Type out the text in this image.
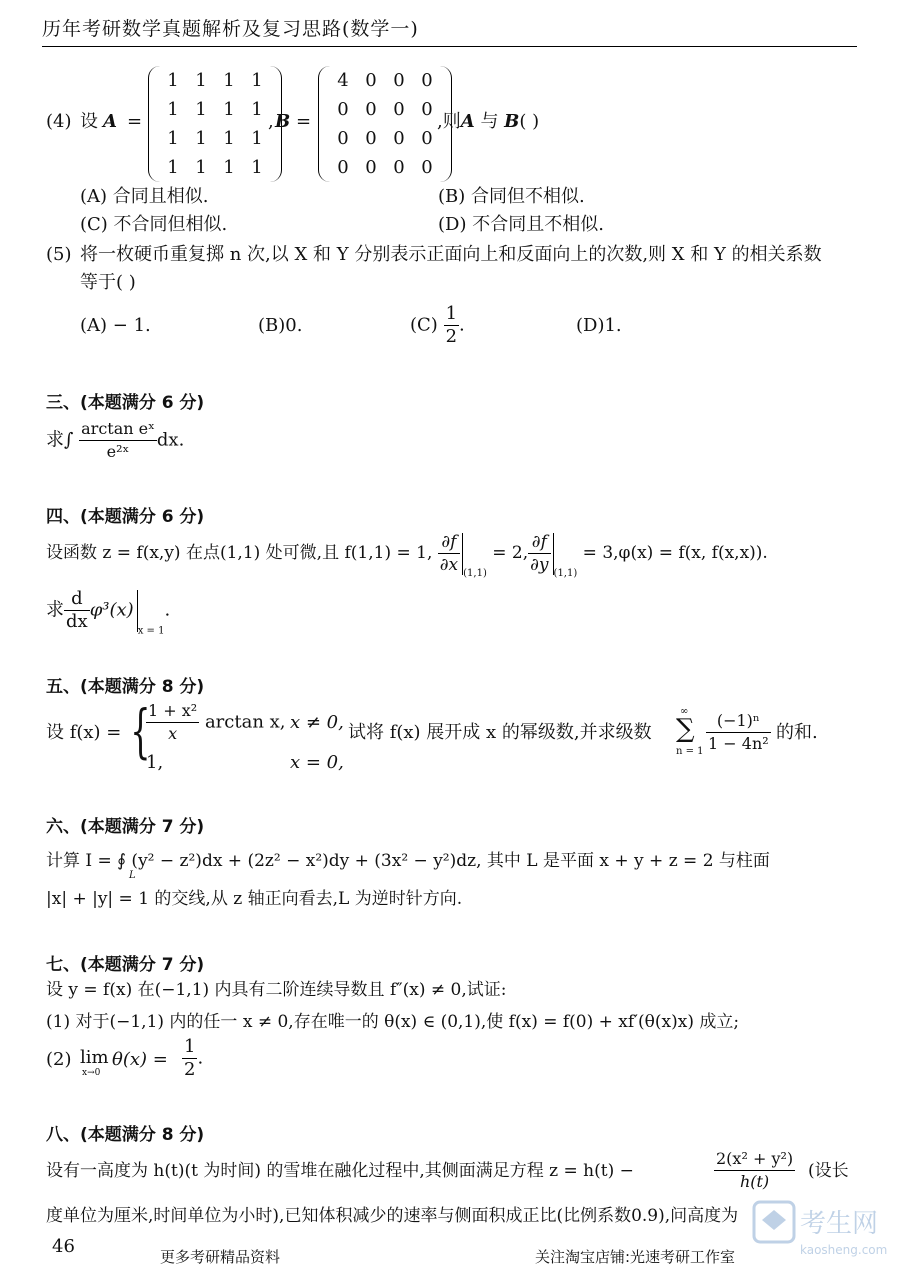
历年考研数学真题解析及复习思路(数学一)
(4) 设 A =
1	1	1	1
1	1	1	1
1	1	1	1
1	1	1	1
, B =
4	0	0	0
0	0	0	0
0	0	0	0
0	0	0	0
,则A 与 B( )
(A) 合同且相似.	(B) 合同但不相似.
(C) 不合同但相似.	(D) 不合同且不相似.
(5) 将一枚硬币重复掷 n 次,以 X 和 Y 分别表示正面向上和反面向上的次数,则 X 和 Y 的相关系数
等于( )
(A) − 1.	(B)0.	$(C) \frac{1}{2}$ .	(D)1.
三、(本题满分 6 分)
求∫ $\frac{\text{arctan eˣ}}{\text{e²ˣ}}$ dx.
四、(本题满分 6 分)
设函数 z = f(x,y) 在点(1,1) 处可微,且 f(1,1) = 1, $\frac{\partial f}{\partial x} _{(1,1)} = 2$, $\frac{\partial f}{\partial y} _{(1,1)} = 3,\varphi(x) = f(x$, f(x,x)).
求 $\frac{d}{dx} \varphi^3(x)_{x = 1}$.
五、(本题满分 8 分)
设 f(x) = {
$\frac{\text{1 + x²}}{x}$ arctan x, x ≠ 0,
1,	x = 0,
试将 f(x) 展开成 x 的幂级数,并求级数
∞
∑
$n = 1 \frac{\text{(−1)ⁿ}}{\text{1 − 4n²}}$ 的和.
六、(本题满分 7 分)
计算 I = ∮ (y² − z²)dx + (2z² − x²)dy + (3x² − y²)dz, 其中 L 是平面 x + y + z = 2 与柱面
L
|x| + |y| = 1 的交线,从 z 轴正向看去,L 为逆时针方向.
七、(本题满分 7 分)
设 y = f(x) 在(−1,1) 内具有二阶连续导数且 f″(x) ≠ 0,试证:
(1) 对于(−1,1) 内的任一 x ≠ 0,存在唯一的 θ(x) ∈ (0,1),使 f(x) = f(0) + xf′(θ(x)x) 成立;
(2) lim
x→0
$\theta(x) = \frac{1}{2}$ .
八、(本题满分 8 分)
设有一高度为 h(t)(t 为时间) 的雪堆在融化过程中,其侧面满足方程 z = h(t) −	$\frac{\text{2(x² + y²)}}{h(t)}$ (设长
度单位为厘米,时间单位为小时),已知体积减少的速率与侧面积成正比(比例系数0.9),问高度为
46	更多考研精品资料	关注淘宝店铺:光速考研工作室
考生网
kaosheng.com
